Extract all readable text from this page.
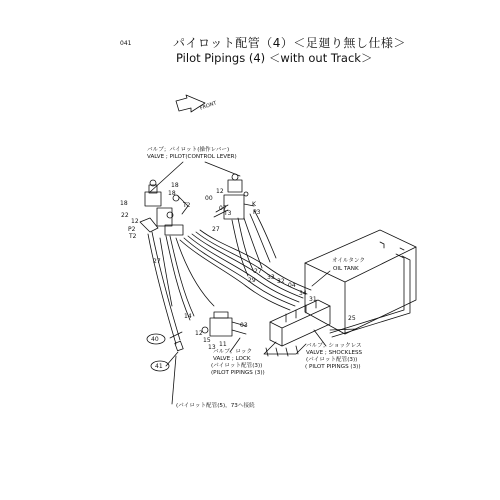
041	パイロット配管（4）＜足廻り無し仕様＞
Pilot Pipings (4) ＜with out Track＞
FRONT
バルブ；パイロット(操作レバー)
VALVE ; PILOT(CONTROL LEVER)
オイルタンク
OIL TANK
バルブ；ロック
VALVE ; LOCK
(パイロット配管(3))
(PILOT PIPINGS (3))
バルブ；ショックレス
VALVE ; SHOCKLESS
(パイロット配管(3))
( PILOT PIPINGS (3))
(パイロット配管(5)，73へ接続
18
18
18
22
12
T2
P2
T2
00
12
K
07
P3
T3
27
27
27
29 33
32
04
34
31
25
14
12
13
15
11
03
40
41
